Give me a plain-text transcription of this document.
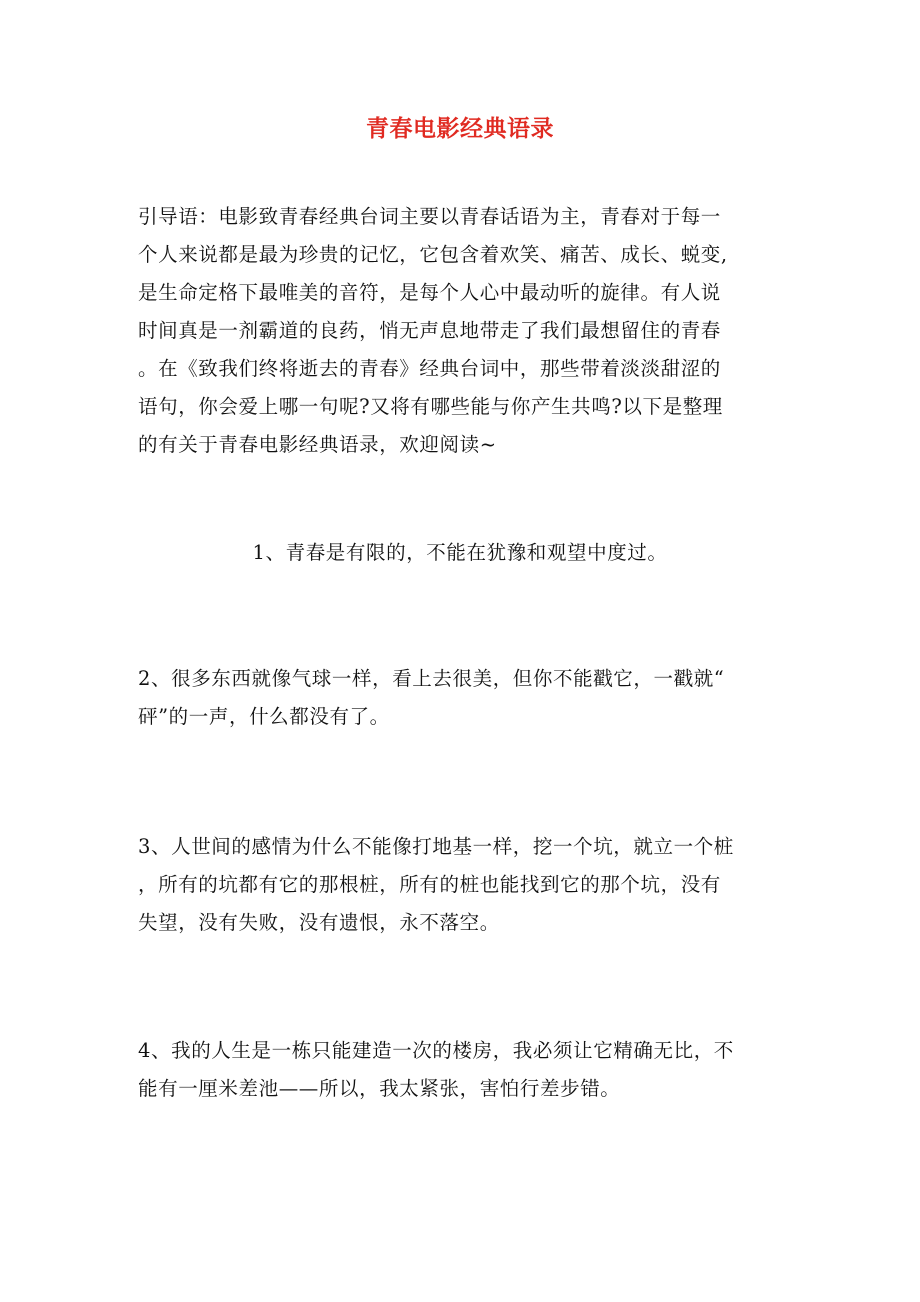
青春电影经典语录
引导语：电影致青春经典台词主要以青春话语为主，青春对于每一
个人来说都是最为珍贵的记忆，它包含着欢笑、痛苦、成长、蜕变,
是生命定格下最唯美的音符，是每个人心中最动听的旋律。有人说
时间真是一剂霸道的良药，悄无声息地带走了我们最想留住的青春
。在《致我们终将逝去的青春》经典台词中，那些带着淡淡甜涩的
语句，你会爱上哪一句呢?又将有哪些能与你产生共鸣?以下是整理
的有关于青春电影经典语录，欢迎阅读~
1、青春是有限的，不能在犹豫和观望中度过。
2、很多东西就像气球一样，看上去很美，但你不能戳它，一戳就“
砰”的一声，什么都没有了。
3、人世间的感情为什么不能像打地基一样，挖一个坑，就立一个桩
，所有的坑都有它的那根桩，所有的桩也能找到它的那个坑，没有
失望，没有失败，没有遗恨，永不落空。
4、我的人生是一栋只能建造一次的楼房，我必须让它精确无比，不
能有一厘米差池——所以，我太紧张，害怕行差步错。
